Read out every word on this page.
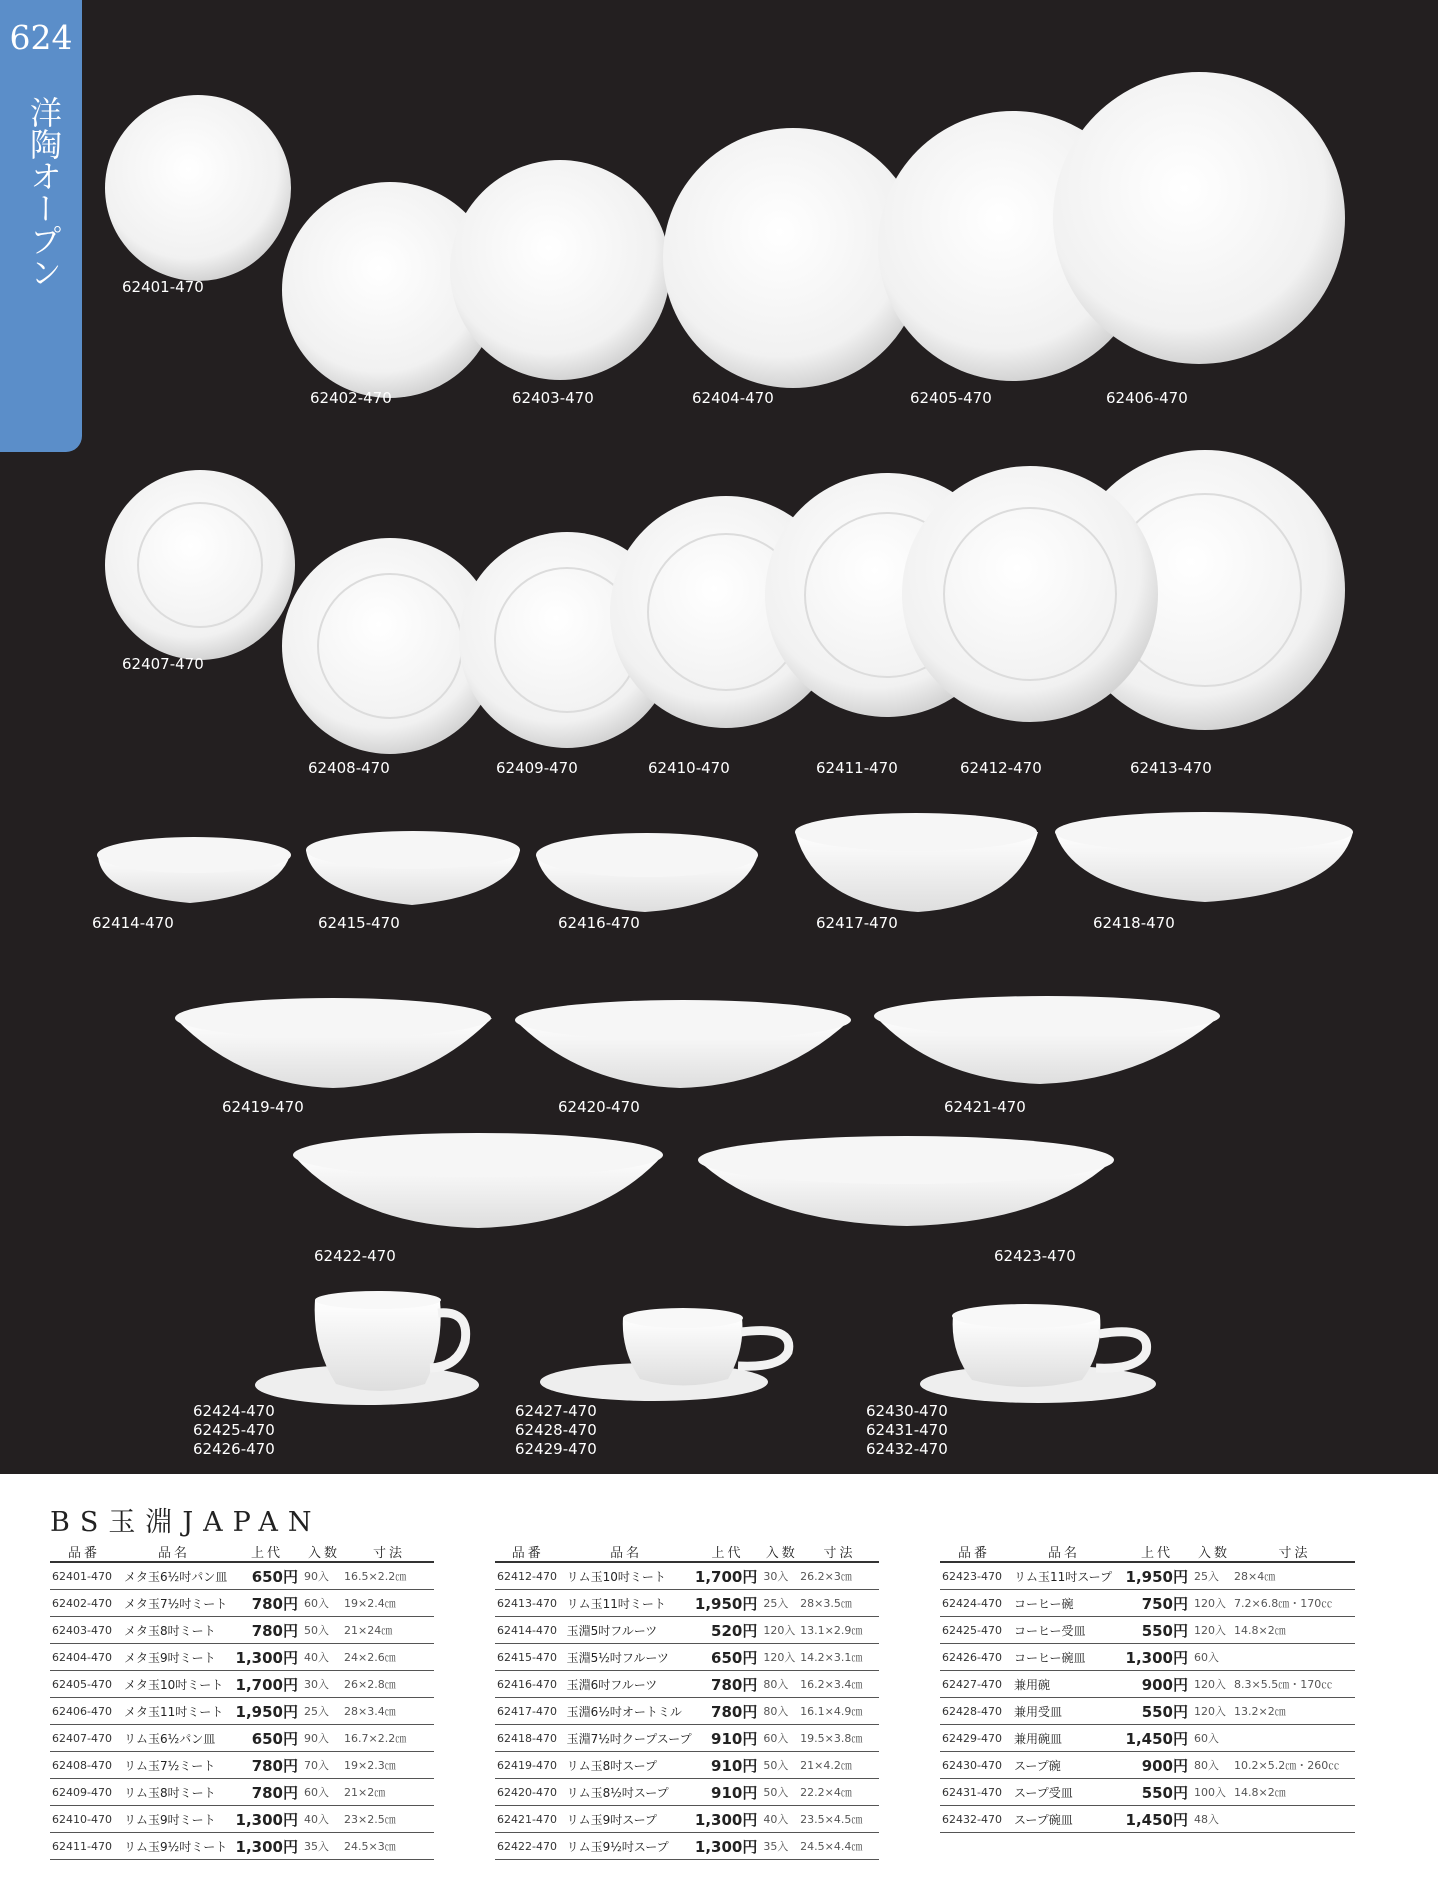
624
洋陶オープン	62401-470
62402-470	62403-470	62404-470	62405-470	62406-470
62407-470
62408-470	62409-470	62410-470	62411-470	62412-470	62413-470
62414-470	62415-470	62416-470	62417-470	62418-470
62419-470	62420-470	62421-470
62422-470	62423-470
62424-470
62425-470
62426-470
62427-470
62428-470
62429-470
62430-470
62431-470
62432-470
BS玉淵JAPAN
品番	品名	上代	入数	寸法
62401-470	メタ玉6½吋パン皿	650円	90入	16.5×2.2㎝
62402-470	メタ玉7½吋ミート	780円	60入	19×2.4㎝
62403-470	メタ玉8吋ミート	780円	50入	21×24㎝
62404-470	メタ玉9吋ミート	1,300円	40入	24×2.6㎝
62405-470	メタ玉10吋ミート	1,700円	30入	26×2.8㎝
62406-470	メタ玉11吋ミート	1,950円	25入	28×3.4㎝
62407-470	リム玉6½パン皿	650円	90入	16.7×2.2㎝
62408-470	リム玉7½ミート	780円	70入	19×2.3㎝
62409-470	リム玉8吋ミート	780円	60入	21×2㎝
62410-470	リム玉9吋ミート	1,300円	40入	23×2.5㎝
62411-470	リム玉9½吋ミート	1,300円	35入	24.5×3㎝
品番	品名	上代	入数	寸法
62412-470	リム玉10吋ミート	1,700円	30入	26.2×3㎝
62413-470	リム玉11吋ミート	1,950円	25入	28×3.5㎝
62414-470	玉淵5吋フルーツ	520円	120入	13.1×2.9㎝
62415-470	玉淵5½吋フルーツ	650円	120入	14.2×3.1㎝
62416-470	玉淵6吋フルーツ	780円	80入	16.2×3.4㎝
62417-470	玉淵6½吋オートミル	780円	80入	16.1×4.9㎝
62418-470	玉淵7½吋クープスープ	910円	60入	19.5×3.8㎝
62419-470	リム玉8吋スープ	910円	50入	21×4.2㎝
62420-470	リム玉8½吋スープ	910円	50入	22.2×4㎝
62421-470	リム玉9吋スープ	1,300円	40入	23.5×4.5㎝
62422-470	リム玉9½吋スープ	1,300円	35入	24.5×4.4㎝
品番	品名	上代	入数	寸法
62423-470	リム玉11吋スープ	1,950円	25入	28×4㎝
62424-470	コーヒー碗	750円	120入	7.2×6.8㎝・170㏄
62425-470	コーヒー受皿	550円	120入	14.8×2㎝
62426-470	コーヒー碗皿	1,300円	60入	
62427-470	兼用碗	900円	120入	8.3×5.5㎝・170㏄
62428-470	兼用受皿	550円	120入	13.2×2㎝
62429-470	兼用碗皿	1,450円	60入	
62430-470	スープ碗	900円	80入	10.2×5.2㎝・260㏄
62431-470	スープ受皿	550円	100入	14.8×2㎝
62432-470	スープ碗皿	1,450円	48入	
